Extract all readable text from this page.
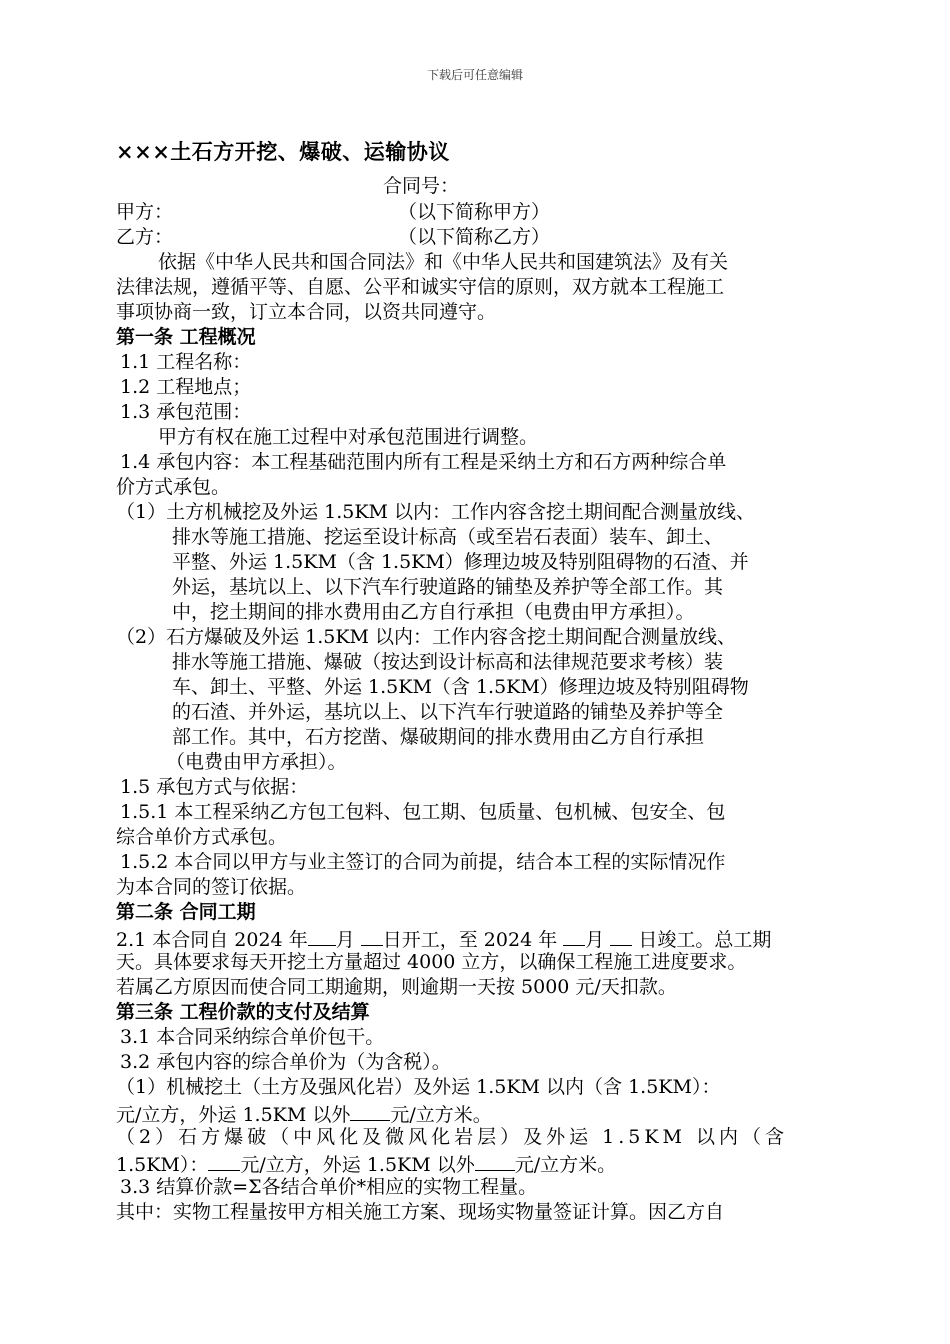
下载后可任意编辑
×××土石方开挖、爆破、运输协议
合同号：
甲方：	（以下简称甲方）
乙方：	（以下简称乙方）
依据《中华人民共和国合同法》和《中华人民共和国建筑法》及有关
法律法规，遵循平等、自愿、公平和诚实守信的原则，双方就本工程施工
事项协商一致，订立本合同，以资共同遵守。
第一条 工程概况
1.1 工程名称：
1.2 工程地点；
1.3 承包范围：
甲方有权在施工过程中对承包范围进行调整。
1.4 承包内容：本工程基础范围内所有工程是采纳土方和石方两种综合单
价方式承包。
（1）土方机械挖及外运 1.5KM 以内：工作内容含挖土期间配合测量放线、
排水等施工措施、挖运至设计标高（或至岩石表面）装车、卸土、
平整、外运 1.5KM（含 1.5KM）修理边坡及特别阻碍物的石渣、并
外运，基坑以上、以下汽车行驶道路的铺垫及养护等全部工作。其
中，挖土期间的排水费用由乙方自行承担（电费由甲方承担）。
（2）石方爆破及外运 1.5KM 以内：工作内容含挖土期间配合测量放线、
排水等施工措施、爆破（按达到设计标高和法律规范要求考核）装
车、卸土、平整、外运 1.5KM（含 1.5KM）修理边坡及特别阻碍物
的石渣、并外运，基坑以上、以下汽车行驶道路的铺垫及养护等全
部工作。其中，石方挖凿、爆破期间的排水费用由乙方自行承担
（电费由甲方承担）。
1.5 承包方式与依据：
1.5.1 本工程采纳乙方包工包料、包工期、包质量、包机械、包安全、包
综合单价方式承包。
1.5.2 本合同以甲方与业主签订的合同为前提，结合本工程的实际情况作
为本合同的签订依据。
第二条 合同工期
2.1 本合同自 2024 年 月 日开工，至 2024 年 月 日竣工。总工期
天。具体要求每天开挖土方量超过 4000 立方，以确保工程施工进度要求。
若属乙方原因而使合同工期逾期，则逾期一天按 5000 元/天扣款。
第三条 工程价款的支付及结算
3.1 本合同采纳综合单价包干。
3.2 承包内容的综合单价为（为含税）。
（1）机械挖土（土方及强风化岩）及外运 1.5KM 以内（含 1.5KM）：
元/立方，外运 1.5KM 以外 元/立方米。
（2）石方爆破（中风化及微风化岩层）及外运 1.5KM 以内（含
1.5KM）： 元/立方，外运 1.5KM 以外 元/立方米。
3.3 结算价款=Σ各结合单价*相应的实物工程量。
其中：实物工程量按甲方相关施工方案、现场实物量签证计算。因乙方自
